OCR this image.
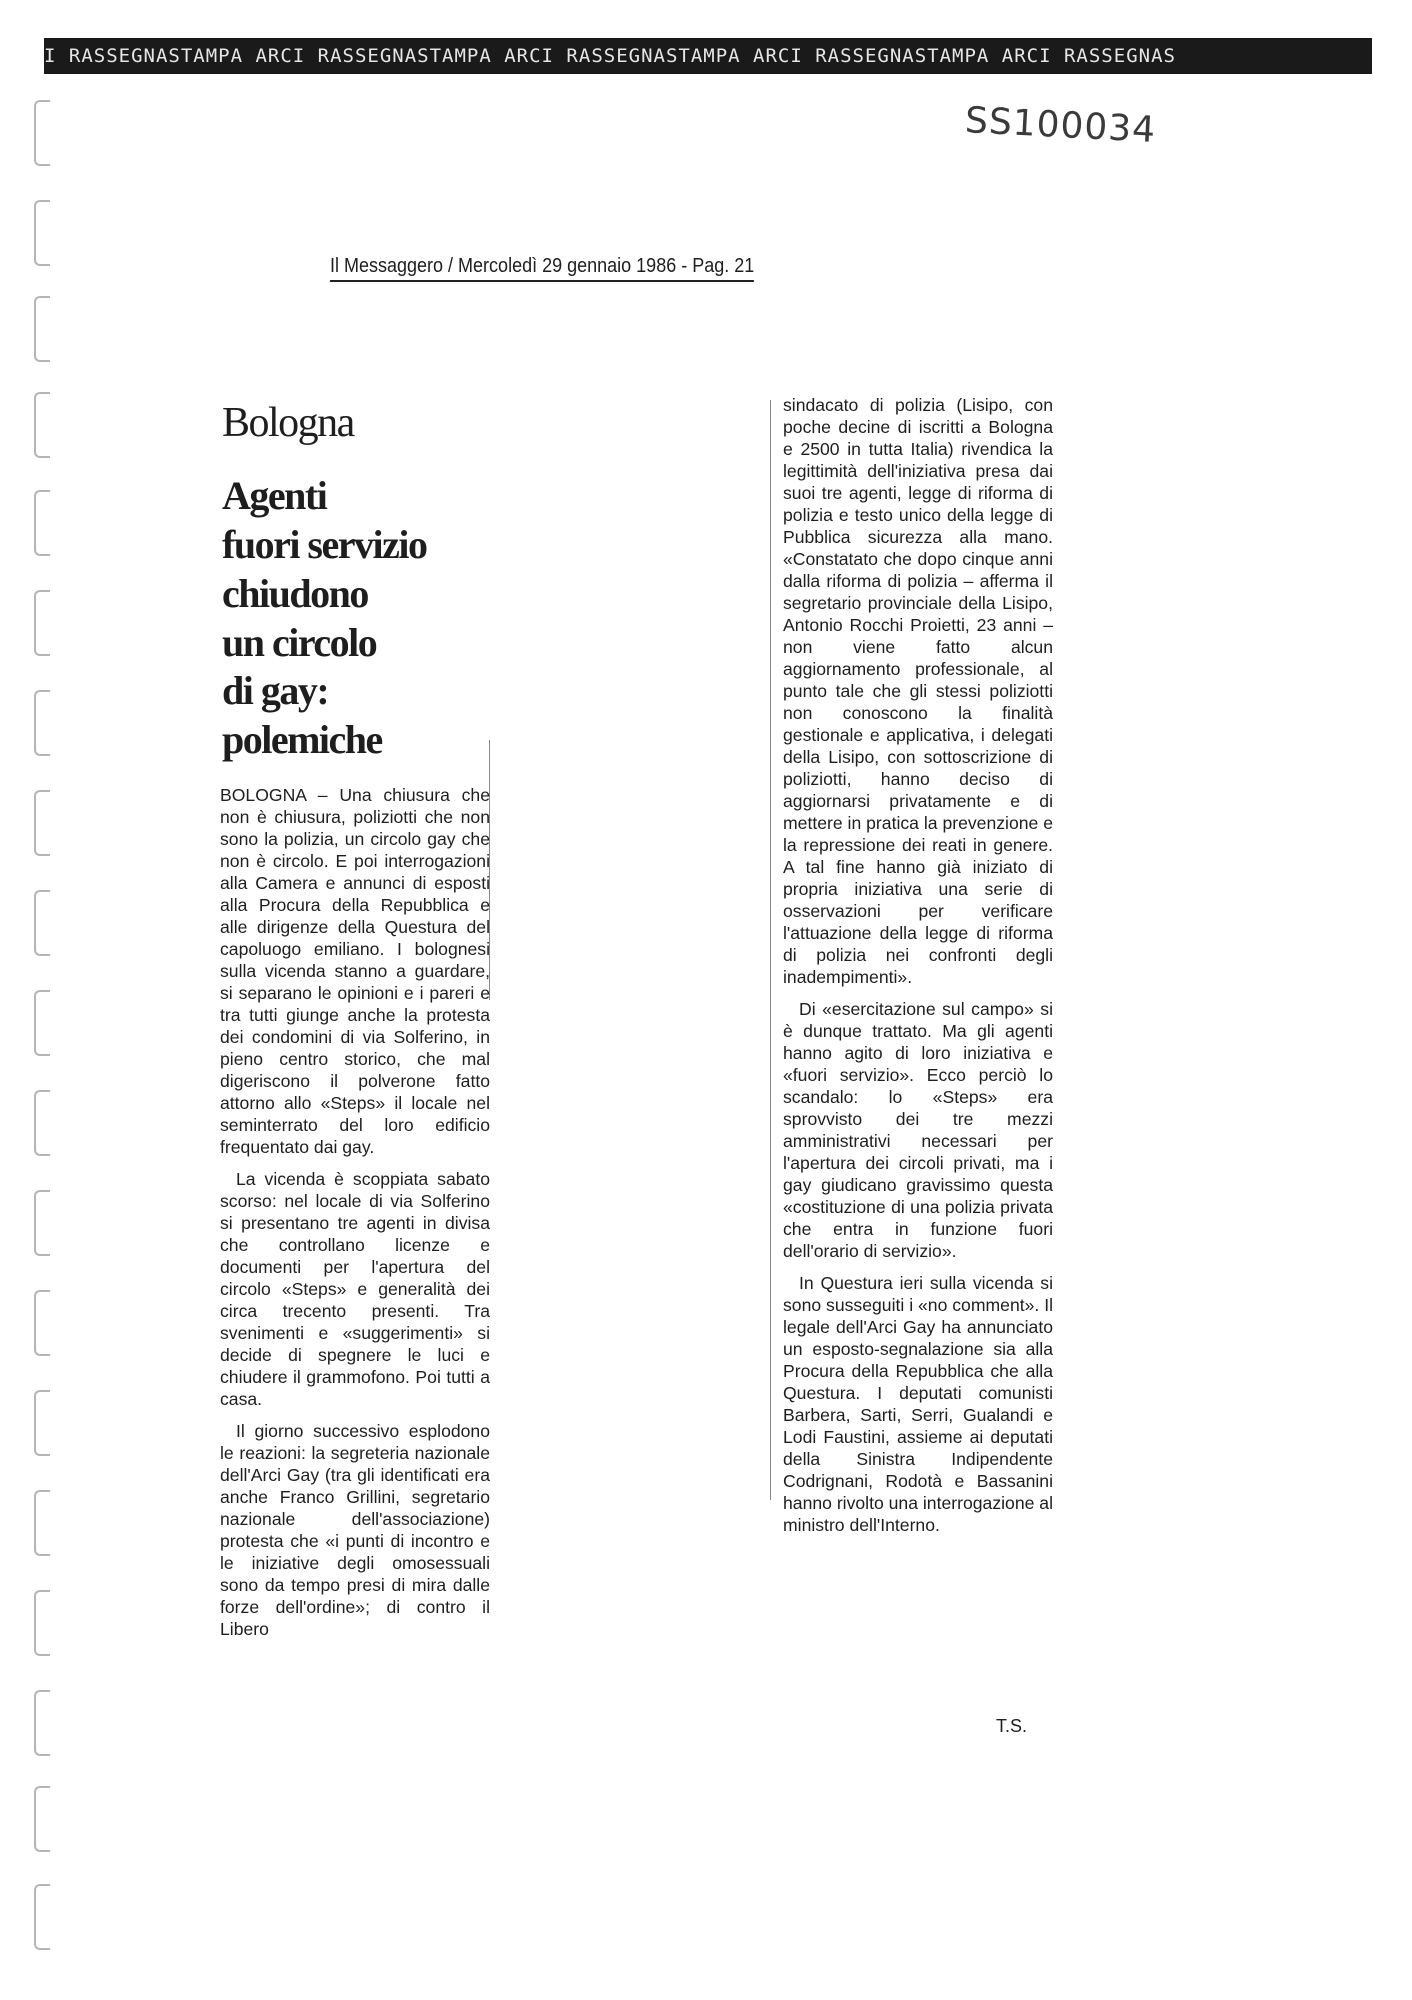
I RASSEGNASTAMPA ARCI RASSEGNASTAMPA ARCI RASSEGNASTAMPA ARCI RASSEGNASTAMPA ARCI RASSEGNAS
SS100034
Il Messaggero / Mercoledì 29 gennaio 1986 - Pag. 21
Bologna
Agenti
fuori servizio
chiudono
un circolo
di gay:
polemiche

BOLOGNA – Una chiusura che non è chiusura, poliziotti che non sono la polizia, un circolo gay che non è circolo. E poi interrogazioni alla Camera e annunci di esposti alla Procura della Repubblica e alle dirigenze della Questura del capoluogo emiliano. I bolognesi sulla vicenda stanno a guardare, si separano le opinioni e i pareri e tra tutti giunge anche la protesta dei condomini di via Solferino, in pieno centro storico, che mal digeriscono il polverone fatto attorno allo «Steps» il locale nel seminterrato del loro edificio frequentato dai gay.

La vicenda è scoppiata sabato scorso: nel locale di via Solferino si presentano tre agenti in divisa che controllano licenze e documenti per l'apertura del circolo «Steps» e generalità dei circa trecento presenti. Tra svenimenti e «suggerimenti» si decide di spegnere le luci e chiudere il grammofono. Poi tutti a casa.

Il giorno successivo esplodono le reazioni: la segreteria nazionale dell'Arci Gay (tra gli identificati era anche Franco Grillini, segretario nazionale dell'associazione) protesta che «i punti di incontro e le iniziative degli omosessuali sono da tempo presi di mira dalle forze dell'ordine»; di contro il Libero

sindacato di polizia (Lisipo, con poche decine di iscritti a Bologna e 2500 in tutta Italia) rivendica la legittimità dell'iniziativa presa dai suoi tre agenti, legge di riforma di polizia e testo unico della legge di Pubblica sicurezza alla mano. «Constatato che dopo cinque anni dalla riforma di polizia – afferma il segretario provinciale della Lisipo, Antonio Rocchi Proietti, 23 anni – non viene fatto alcun aggiornamento professionale, al punto tale che gli stessi poliziotti non conoscono la finalità gestionale e applicativa, i delegati della Lisipo, con sottoscrizione di poliziotti, hanno deciso di aggiornarsi privatamente e di mettere in pratica la prevenzione e la repressione dei reati in genere. A tal fine hanno già iniziato di propria iniziativa una serie di osservazioni per verificare l'attuazione della legge di riforma di polizia nei confronti degli inadempimenti».

Di «esercitazione sul campo» si è dunque trattato. Ma gli agenti hanno agito di loro iniziativa e «fuori servizio». Ecco perciò lo scandalo: lo «Steps» era sprovvisto dei tre mezzi amministrativi necessari per l'apertura dei circoli privati, ma i gay giudicano gravissimo questa «costituzione di una polizia privata che entra in funzione fuori dell'orario di servizio».

In Questura ieri sulla vicenda si sono susseguiti i «no comment». Il legale dell'Arci Gay ha annunciato un esposto-segnalazione sia alla Procura della Repubblica che alla Questura. I deputati comunisti Barbera, Sarti, Serri, Gualandi e Lodi Faustini, assieme ai deputati della Sinistra Indipendente Codrignani, Rodotà e Bassanini hanno rivolto una interrogazione al ministro dell'Interno.

T.S.
